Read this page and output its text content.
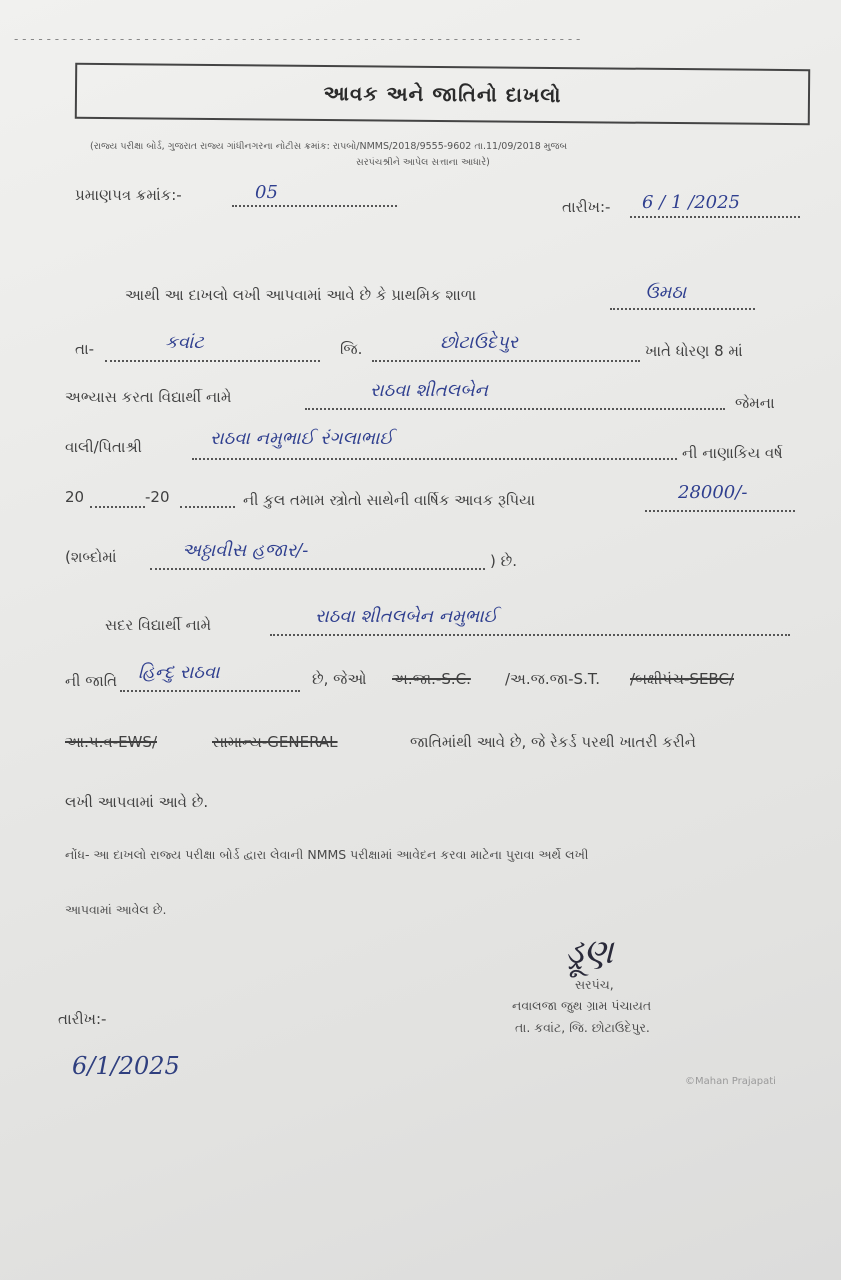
- - - - - - - - - - - - - - - - - - - - - - - - - - - - - - - - - - - - - - - - - - - - - - - - - - - - - - - - - - - - - - - - - - - - - -
આવક અને જાતિનો દાખલો
(રાજ્ય પરીક્ષા બોર્ડ, ગુજરાત રાજ્ય ગાંધીનગરના નોટીસ ક્રમાંક: રાપબો/NMMS/2018/9555-9602 તા.11/09/2018 મુજબ
સરપંચશ્રીને આપેલ સત્તાના આધારે)
પ્રમાણપત્ર ક્રમાંક:-	05
તારીખ:- 6 / 1 /2025
આથી આ દાખલો લખી આપવામાં આવે છે કે પ્રાથમિક શાળા	ઉમઠા
તા-	કવાંટ	જિ.	છોટાઉદેપુર	ખાતે ધોરણ 8 માં
અભ્યાસ કરતા વિદ્યાર્થી નામે	રાઠવા શીતલબેન
જેમના
વાલી/પિતાશ્રી	રાઠવા નમુભાઈ રંગલાભાઈ
ની નાણાકિય વર્ષ
20	-20	ની કુલ તમામ સ્ત્રોતો સાથેની વાર્ષિક આવક રૂપિયા	28000/-
(શબ્દોમાં	અઠ્ઠાવીસ હજાર/-	) છે.
સદર વિદ્યાર્થી નામે	રાઠવા શીતલબેન નમુભાઈ
ની જાતિ હિન્દુ રાઠવા	છે, જેઓ અ.જા.-S.C. /અ.જ.જા-S.T. /બક્ષીપંચ-SEBC/
આ.પ.વ-EWS/	સામાન્ય-GENERAL	જાતિમાંથી આવે છે, જે રેકર્ડ પરથી ખાતરી કરીને
લખી આપવામાં આવે છે.
નોંધ- આ દાખલો રાજ્ય પરીક્ષા બોર્ડ દ્વારા લેવાની NMMS પરીક્ષામાં આવેદન કરવા માટેના પુરાવા અર્થે લખી
આપવામાં આવેલ છે.
ડ્રૂણ
સરપંચ,
નવાલજા જુથ ગ્રામ પંચાયત
તા. કવાંટ, જિ. છોટાઉદેપુર.
તારીખ:-
6/1/2025
©Mahan Prajapati
